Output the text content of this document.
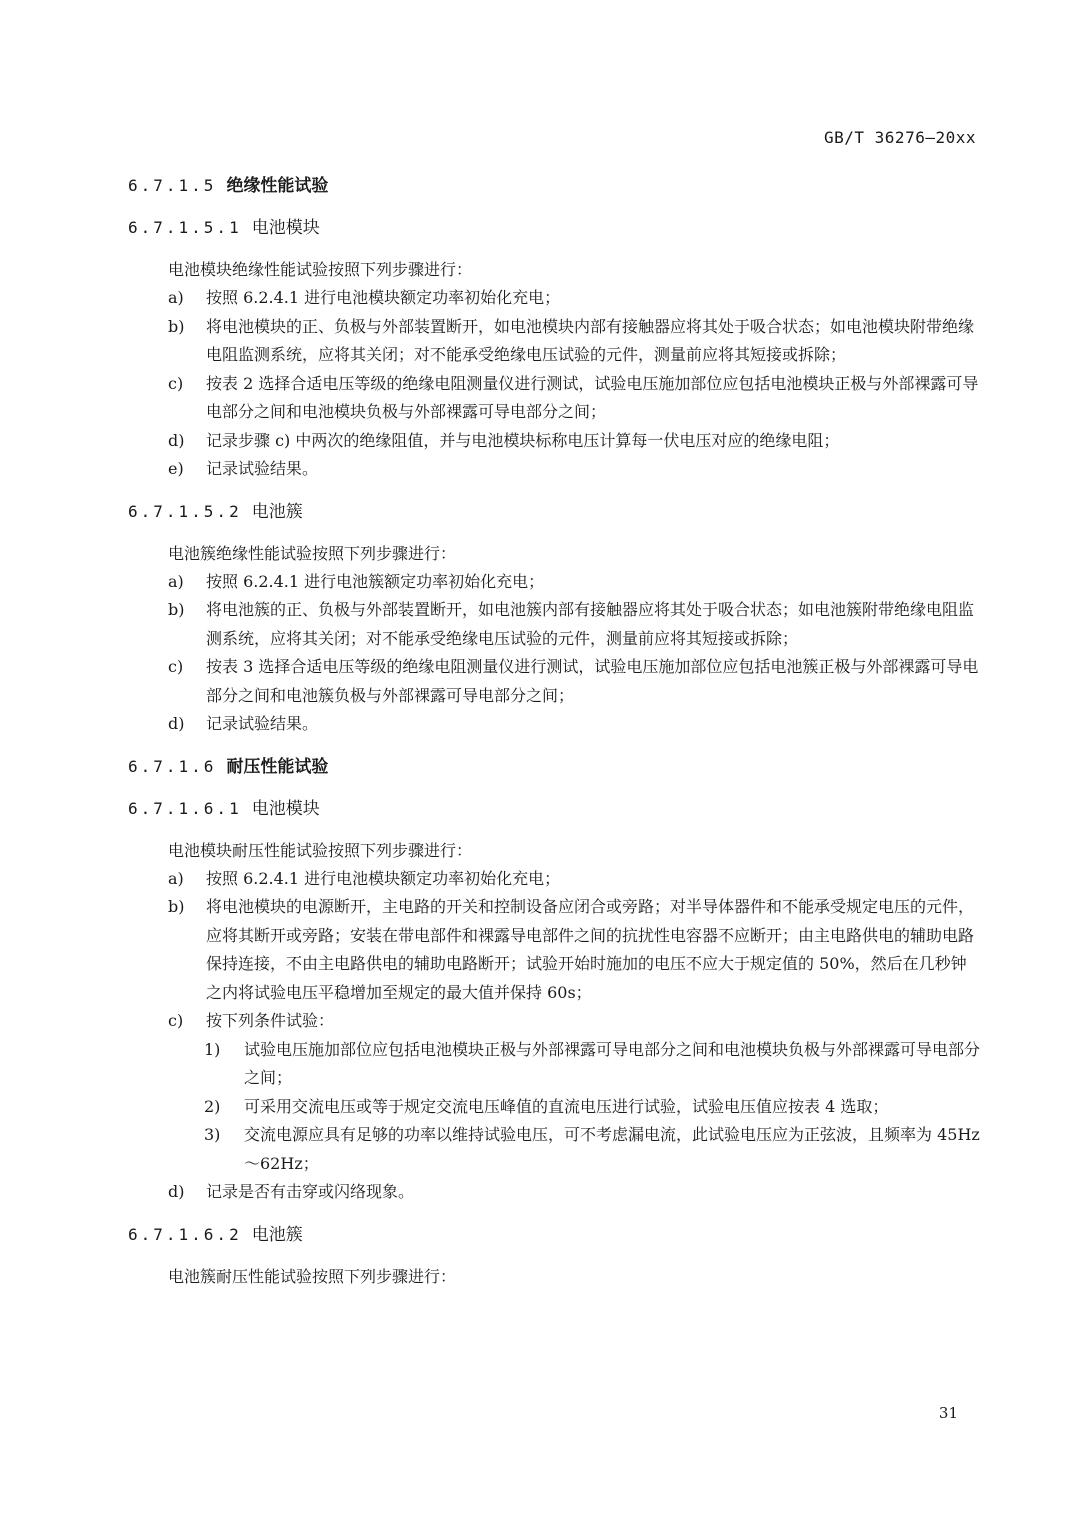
GB/T 36276—20xx
6.7.1.5 绝缘性能试验
6.7.1.5.1 电池模块

电池模块绝缘性能试验按照下列步骤进行：

a) 按照 6.2.4.1 进行电池模块额定功率初始化充电；
b) 将电池模块的正、负极与外部装置断开，如电池模块内部有接触器应将其处于吸合状态；如电池模块附带绝缘电阻监测系统，应将其关闭；对不能承受绝缘电压试验的元件，测量前应将其短接或拆除；
c) 按表 2 选择合适电压等级的绝缘电阻测量仪进行测试，试验电压施加部位应包括电池模块正极与外部裸露可导电部分之间和电池模块负极与外部裸露可导电部分之间；
d) 记录步骤 c) 中两次的绝缘阻值，并与电池模块标称电压计算每一伏电压对应的绝缘电阻；
e) 记录试验结果。
6.7.1.5.2 电池簇

电池簇绝缘性能试验按照下列步骤进行：

a) 按照 6.2.4.1 进行电池簇额定功率初始化充电；
b) 将电池簇的正、负极与外部装置断开，如电池簇内部有接触器应将其处于吸合状态；如电池簇附带绝缘电阻监测系统，应将其关闭；对不能承受绝缘电压试验的元件，测量前应将其短接或拆除；
c) 按表 3 选择合适电压等级的绝缘电阻测量仪进行测试，试验电压施加部位应包括电池簇正极与外部裸露可导电部分之间和电池簇负极与外部裸露可导电部分之间；
d) 记录试验结果。
6.7.1.6 耐压性能试验
6.7.1.6.1 电池模块

电池模块耐压性能试验按照下列步骤进行：

a) 按照 6.2.4.1 进行电池模块额定功率初始化充电；
b) 将电池模块的电源断开，主电路的开关和控制设备应闭合或旁路；对半导体器件和不能承受规定电压的元件，应将其断开或旁路；安装在带电部件和裸露导电部件之间的抗扰性电容器不应断开；由主电路供电的辅助电路保持连接，不由主电路供电的辅助电路断开；试验开始时施加的电压不应大于规定值的 50%，然后在几秒钟之内将试验电压平稳增加至规定的最大值并保持 60s；
c) 按下列条件试验：
1) 试验电压施加部位应包括电池模块正极与外部裸露可导电部分之间和电池模块负极与外部裸露可导电部分之间；
2) 可采用交流电压或等于规定交流电压峰值的直流电压进行试验，试验电压值应按表 4 选取；
3) 交流电源应具有足够的功率以维持试验电压，可不考虑漏电流，此试验电压应为正弦波，且频率为 45Hz～62Hz；
d) 记录是否有击穿或闪络现象。
6.7.1.6.2 电池簇

电池簇耐压性能试验按照下列步骤进行：

31
